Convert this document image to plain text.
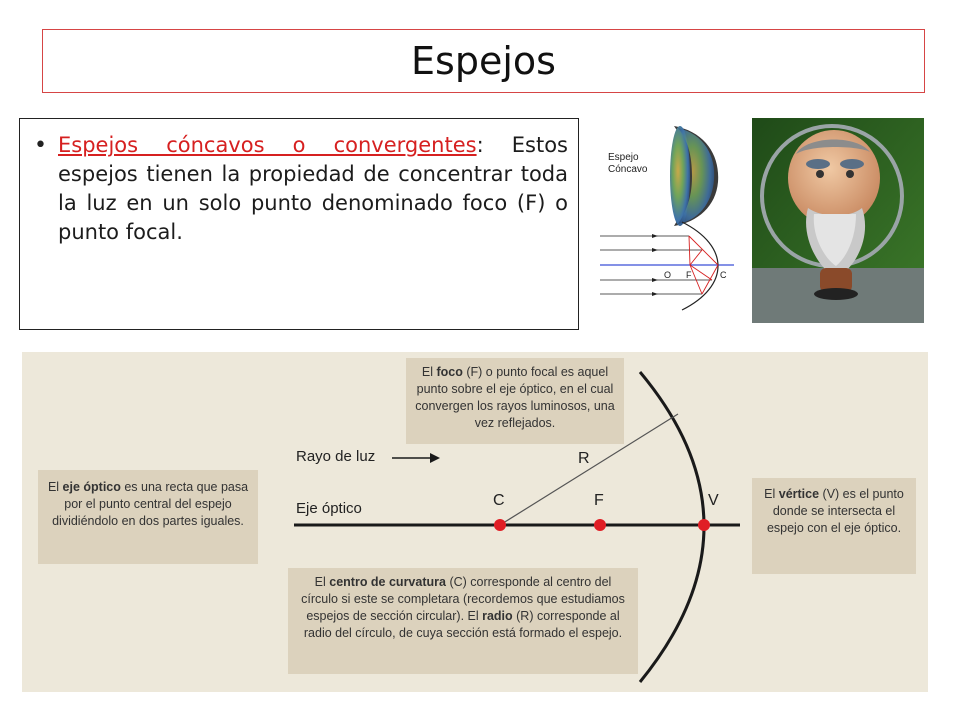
Espejos
• Espejos cóncavos o convergentes: Estos espejos tienen la propiedad de concentrar toda la luz en un solo punto denominado foco (F) o punto focal.
Espejo
Cóncavo
O F	C
Rayo de luz
Eje óptico	C	F	V
R
El foco (F) o punto focal es aquel punto sobre el eje óptico, en el cual convergen los rayos luminosos, una vez reflejados.
El eje óptico es una recta que pasa por el punto central del espejo dividiéndolo en dos partes iguales.
El vértice (V) es el punto donde se intersecta el espejo con el eje óptico.
El centro de curvatura (C) corresponde al centro del círculo si este se completara (recordemos que estudiamos espejos de sección circular). El radio (R) corresponde al radio del círculo, de cuya sección está formado el espejo.
